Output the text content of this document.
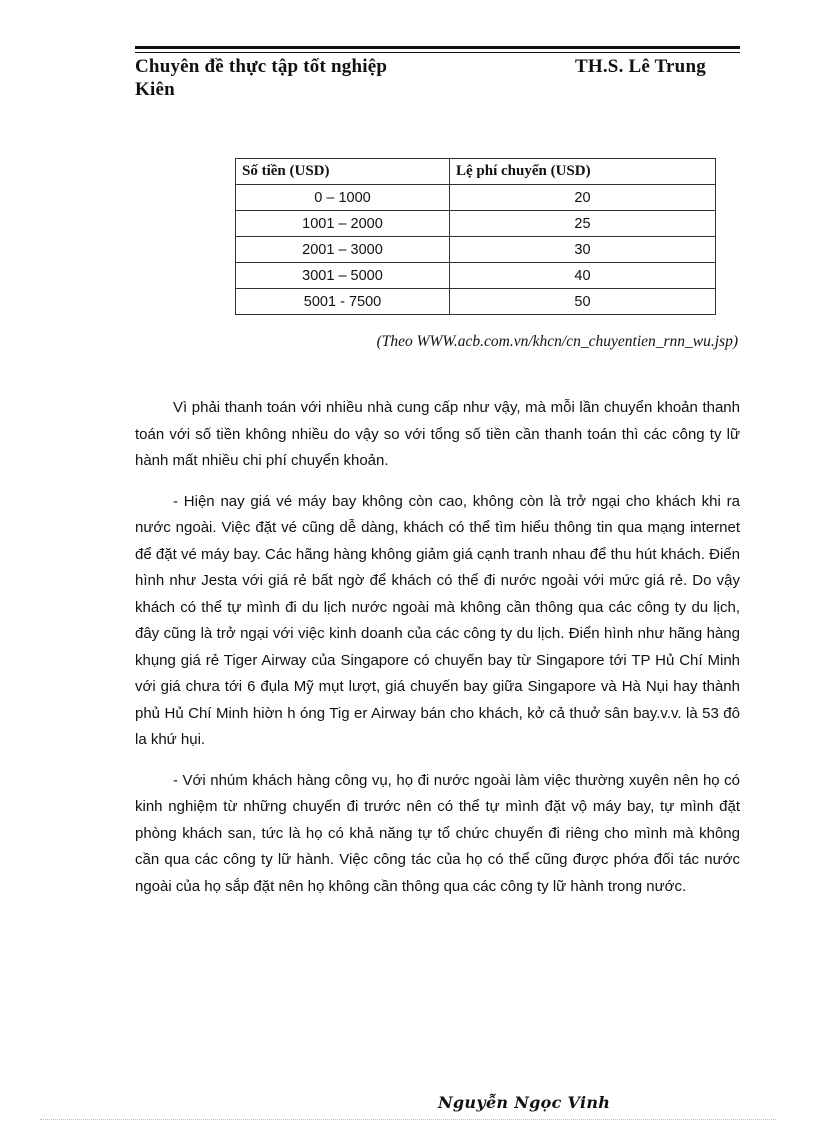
Chuyên đề thực tập tốt nghiệp	TH.S. Lê Trung
Kiên
Số tiền (USD)	Lệ phí chuyển (USD)
0 – 1000	20
1001 – 2000	25
2001 – 3000	30
3001 – 5000	40
5001 - 7500	50
(Theo WWW.acb.com.vn/khcn/cn_chuyentien_rnn_wu.jsp)

Vì phải thanh toán với nhiều nhà cung cấp như vậy, mà mỗi lần chuyển khoản thanh toán với số tiền không nhiều do vậy so với tổng số tiền cần thanh toán thì các công ty lữ hành mất nhiều chi phí chuyển khoản.

- Hiện nay giá vé máy bay không còn cao, không còn là trở ngại cho khách khi ra nước ngoài. Việc đặt vé cũng dễ dàng, khách có thể tìm hiểu thông tin qua mạng internet để đặt vé máy bay. Các hãng hàng không giảm giá cạnh tranh nhau để thu hút khách. Điển hình như Jesta với giá rẻ bất ngờ để khách có thể đi nước ngoài với mức giá rẻ. Do vậy khách có thể tự mình đi du lịch nước ngoài mà không cần thông qua các công ty du lịch, đây cũng là trở ngại với việc kinh doanh của các công ty du lịch. Điển hình như hãng hàng khụng giá rẻ Tiger Airway của Singapore có chuyến bay từ Singapore tới TP Hủ Chí Minh với giá chưa tới 6 đụla Mỹ mụt lượt, giá chuyến bay giữa Singapore và Hà Nụi hay thành phủ Hủ Chí Minh hiờn h óng Tig er Airway bán cho khách, kở cả thuở sân bay.v.v. là 53 đô la khứ hụi.

- Với nhúm khách hàng công vụ, họ đi nước ngoài làm việc thường xuyên nên họ có kinh nghiệm từ những chuyến đi trước nên có thể tự mình đặt vộ máy bay, tự mình đặt phòng khách san, tức là họ có khả năng tự tổ chức chuyến đi riêng cho mình mà không cần qua các công ty lữ hành. Việc công tác của họ có thể cũng được phớa đối tác nước ngoài của họ sắp đặt nên họ không cần thông qua các công ty lữ hành trong nước.

Nguyễn Ngọc Vinh
